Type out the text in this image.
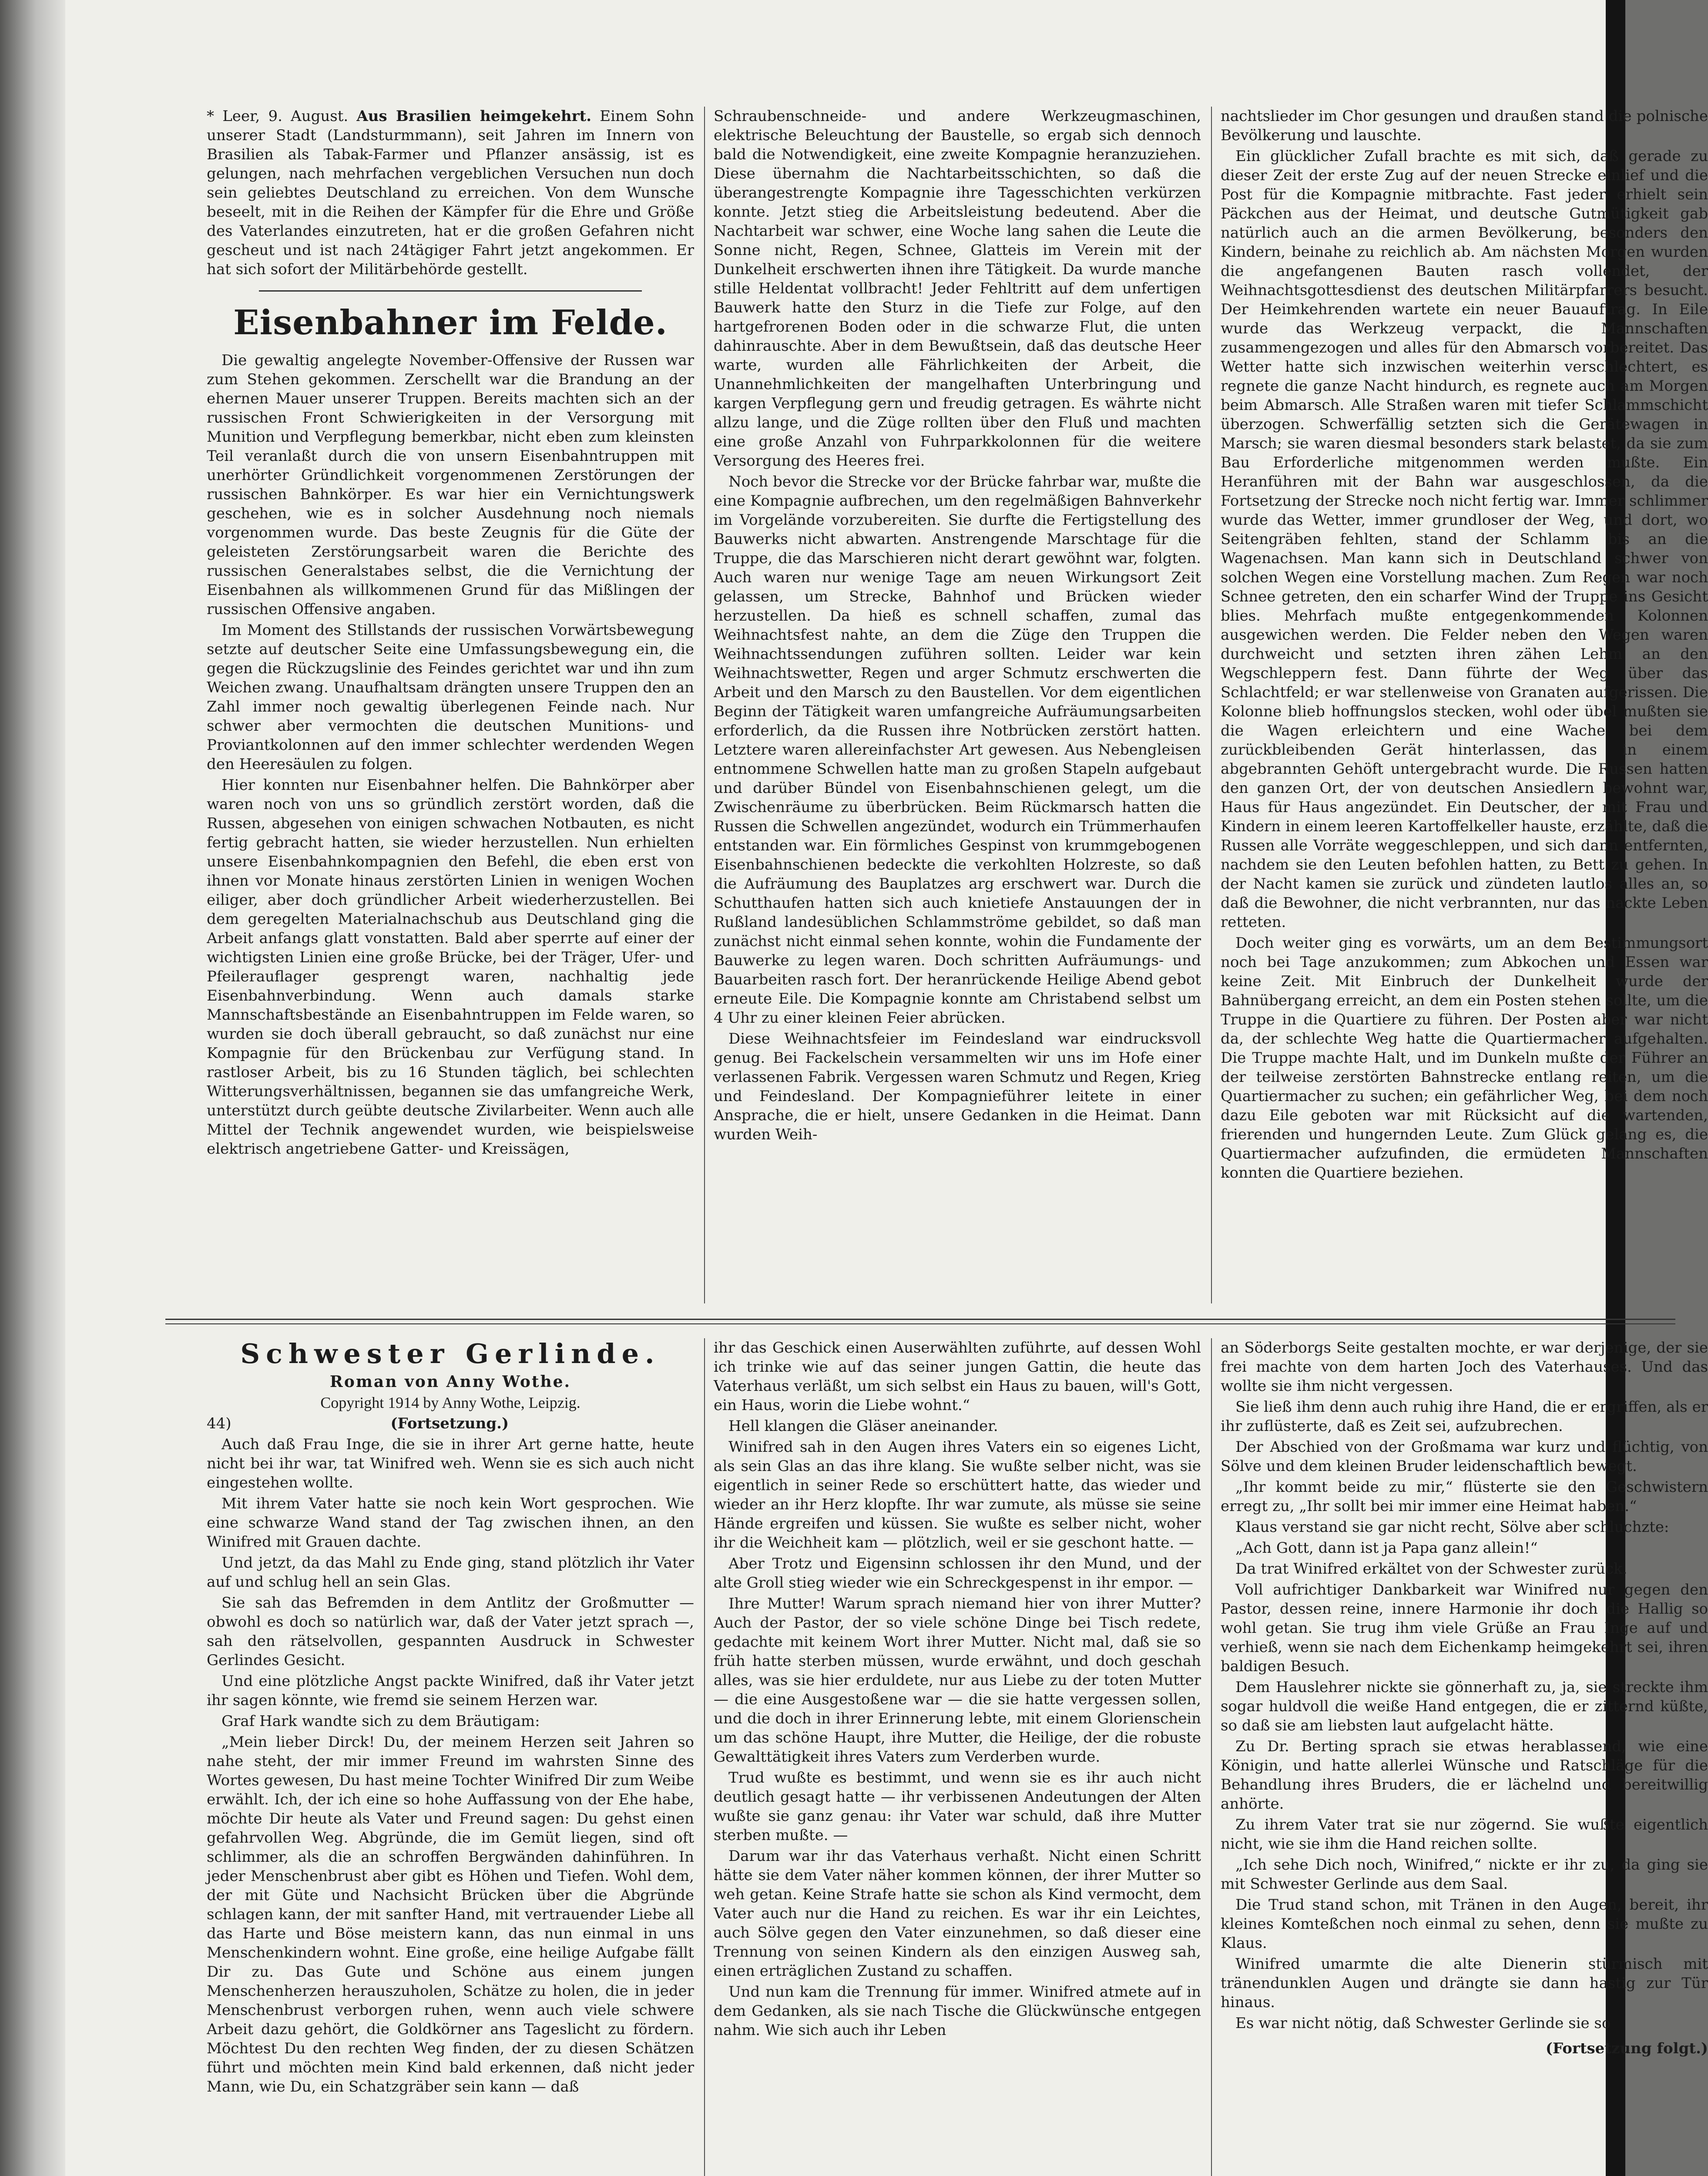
* Leer, 9. August. Aus Brasilien heimgekehrt. Einem Sohn unserer Stadt (Landsturmmann), seit Jahren im Innern von Brasilien als Tabak-Farmer und Pflanzer ansässig, ist es gelungen, nach mehrfachen vergeblichen Versuchen nun doch sein geliebtes Deutschland zu erreichen. Von dem Wunsche beseelt, mit in die Reihen der Kämpfer für die Ehre und Größe des Vaterlandes einzutreten, hat er die großen Gefahren nicht gescheut und ist nach 24tägiger Fahrt jetzt angekommen. Er hat sich sofort der Militärbehörde gestellt.

Eisenbahner im Felde.

Die gewaltig angelegte November-Offensive der Russen war zum Stehen gekommen. Zerschellt war die Brandung an der ehernen Mauer unserer Truppen. Bereits machten sich an der russischen Front Schwierigkeiten in der Versorgung mit Munition und Verpflegung bemerkbar, nicht eben zum kleinsten Teil veranlaßt durch die von unsern Eisenbahntruppen mit unerhörter Gründlichkeit vorgenommenen Zerstörungen der russischen Bahnkörper. Es war hier ein Vernichtungswerk geschehen, wie es in solcher Ausdehnung noch niemals vorgenommen wurde. Das beste Zeugnis für die Güte der geleisteten Zerstörungsarbeit waren die Berichte des russischen Generalstabes selbst, die die Vernichtung der Eisenbahnen als willkommenen Grund für das Mißlingen der russischen Offensive angaben.

Im Moment des Stillstands der russischen Vorwärtsbewegung setzte auf deutscher Seite eine Umfassungsbewegung ein, die gegen die Rückzugslinie des Feindes gerichtet war und ihn zum Weichen zwang. Unaufhaltsam drängten unsere Truppen den an Zahl immer noch gewaltig überlegenen Feinde nach. Nur schwer aber vermochten die deutschen Munitions- und Proviantkolonnen auf den immer schlechter werdenden Wegen den Heeresäulen zu folgen.

Hier konnten nur Eisenbahner helfen. Die Bahnkörper aber waren noch von uns so gründlich zerstört worden, daß die Russen, abgesehen von einigen schwachen Notbauten, es nicht fertig gebracht hatten, sie wieder herzustellen. Nun erhielten unsere Eisenbahnkompagnien den Befehl, die eben erst von ihnen vor Monate hinaus zerstörten Linien in wenigen Wochen eiliger, aber doch gründlicher Arbeit wiederherzustellen. Bei dem geregelten Materialnachschub aus Deutschland ging die Arbeit anfangs glatt vonstatten. Bald aber sperrte auf einer der wichtigsten Linien eine große Brücke, bei der Träger, Ufer- und Pfeilerauflager gesprengt waren, nachhaltig jede Eisenbahnverbindung. Wenn auch damals starke Mannschaftsbestände an Eisenbahntruppen im Felde waren, so wurden sie doch überall gebraucht, so daß zunächst nur eine Kompagnie für den Brückenbau zur Verfügung stand. In rastloser Arbeit, bis zu 16 Stunden täglich, bei schlechten Witterungsverhältnissen, begannen sie das umfangreiche Werk, unterstützt durch geübte deutsche Zivilarbeiter. Wenn auch alle Mittel der Technik angewendet wurden, wie beispielsweise elektrisch angetriebene Gatter- und Kreissägen,

Schraubenschneide- und andere Werkzeugmaschinen, elektrische Beleuchtung der Baustelle, so ergab sich dennoch bald die Notwendigkeit, eine zweite Kompagnie heranzuziehen. Diese übernahm die Nachtarbeitsschichten, so daß die überangestrengte Kompagnie ihre Tagesschichten verkürzen konnte. Jetzt stieg die Arbeitsleistung bedeutend. Aber die Nachtarbeit war schwer, eine Woche lang sahen die Leute die Sonne nicht, Regen, Schnee, Glatteis im Verein mit der Dunkelheit erschwerten ihnen ihre Tätigkeit. Da wurde manche stille Heldentat vollbracht! Jeder Fehltritt auf dem unfertigen Bauwerk hatte den Sturz in die Tiefe zur Folge, auf den hartgefrorenen Boden oder in die schwarze Flut, die unten dahinrauschte. Aber in dem Bewußtsein, daß das deutsche Heer warte, wurden alle Fährlichkeiten der Arbeit, die Unannehmlichkeiten der mangelhaften Unterbringung und kargen Verpflegung gern und freudig getragen. Es währte nicht allzu lange, und die Züge rollten über den Fluß und machten eine große Anzahl von Fuhrparkkolonnen für die weitere Versorgung des Heeres frei.

Noch bevor die Strecke vor der Brücke fahrbar war, mußte die eine Kompagnie aufbrechen, um den regelmäßigen Bahnverkehr im Vorgelände vorzubereiten. Sie durfte die Fertigstellung des Bauwerks nicht abwarten. Anstrengende Marschtage für die Truppe, die das Marschieren nicht derart gewöhnt war, folgten. Auch waren nur wenige Tage am neuen Wirkungsort Zeit gelassen, um Strecke, Bahnhof und Brücken wieder herzustellen. Da hieß es schnell schaffen, zumal das Weihnachtsfest nahte, an dem die Züge den Truppen die Weihnachtssendungen zuführen sollten. Leider war kein Weihnachtswetter, Regen und arger Schmutz erschwerten die Arbeit und den Marsch zu den Baustellen. Vor dem eigentlichen Beginn der Tätigkeit waren umfangreiche Aufräumungsarbeiten erforderlich, da die Russen ihre Notbrücken zerstört hatten. Letztere waren allereinfachster Art gewesen. Aus Nebengleisen entnommene Schwellen hatte man zu großen Stapeln aufgebaut und darüber Bündel von Eisenbahnschienen gelegt, um die Zwischenräume zu überbrücken. Beim Rückmarsch hatten die Russen die Schwellen angezündet, wodurch ein Trümmerhaufen entstanden war. Ein förmliches Gespinst von krummgebogenen Eisenbahnschienen bedeckte die verkohlten Holzreste, so daß die Aufräumung des Bauplatzes arg erschwert war. Durch die Schutthaufen hatten sich auch knietiefe Anstauungen der in Rußland landesüblichen Schlammströme gebildet, so daß man zunächst nicht einmal sehen konnte, wohin die Fundamente der Bauwerke zu legen waren. Doch schritten Aufräumungs- und Bauarbeiten rasch fort. Der heranrückende Heilige Abend gebot erneute Eile. Die Kompagnie konnte am Christabend selbst um 4 Uhr zu einer kleinen Feier abrücken.

Diese Weihnachtsfeier im Feindesland war eindrucksvoll genug. Bei Fackelschein versammelten wir uns im Hofe einer verlassenen Fabrik. Vergessen waren Schmutz und Regen, Krieg und Feindesland. Der Kompagnieführer leitete in einer Ansprache, die er hielt, unsere Gedanken in die Heimat. Dann wurden Weih-

nachtslieder im Chor gesungen und draußen stand die polnische Bevölkerung und lauschte.

Ein glücklicher Zufall brachte es mit sich, daß gerade zu dieser Zeit der erste Zug auf der neuen Strecke einlief und die Post für die Kompagnie mitbrachte. Fast jeder erhielt sein Päckchen aus der Heimat, und deutsche Gutmütigkeit gab natürlich auch an die armen Bevölkerung, besonders den Kindern, beinahe zu reichlich ab. Am nächsten Morgen wurden die angefangenen Bauten rasch vollendet, der Weihnachtsgottesdienst des deutschen Militärpfarrers besucht. Der Heimkehrenden wartete ein neuer Bauauftrag. In Eile wurde das Werkzeug verpackt, die Mannschaften zusammengezogen und alles für den Abmarsch vorbereitet. Das Wetter hatte sich inzwischen weiterhin verschlechtert, es regnete die ganze Nacht hindurch, es regnete auch am Morgen beim Abmarsch. Alle Straßen waren mit tiefer Schlammschicht überzogen. Schwerfällig setzten sich die Gerätewagen in Marsch; sie waren diesmal besonders stark belastet, da sie zum Bau Erforderliche mitgenommen werden mußte. Ein Heranführen mit der Bahn war ausgeschlossen, da die Fortsetzung der Strecke noch nicht fertig war. Immer schlimmer wurde das Wetter, immer grundloser der Weg, und dort, wo Seitengräben fehlten, stand der Schlamm bis an die Wagenachsen. Man kann sich in Deutschland schwer von solchen Wegen eine Vorstellung machen. Zum Regen war noch Schnee getreten, den ein scharfer Wind der Truppe ins Gesicht blies. Mehrfach mußte entgegenkommenden Kolonnen ausgewichen werden. Die Felder neben den Wegen waren durchweicht und setzten ihren zähen Lehm an den Wegschleppern fest. Dann führte der Weg über das Schlachtfeld; er war stellenweise von Granaten aufgerissen. Die Kolonne blieb hoffnungslos stecken, wohl oder übel mußten sie die Wagen erleichtern und eine Wache bei dem zurückbleibenden Gerät hinterlassen, das in einem abgebrannten Gehöft untergebracht wurde. Die Russen hatten den ganzen Ort, der von deutschen Ansiedlern bewohnt war, Haus für Haus angezündet. Ein Deutscher, der mit Frau und Kindern in einem leeren Kartoffelkeller hauste, erzählte, daß die Russen alle Vorräte weggeschleppen, und sich dann entfernten, nachdem sie den Leuten befohlen hatten, zu Bett zu gehen. In der Nacht kamen sie zurück und zündeten lautlos alles an, so daß die Bewohner, die nicht verbrannten, nur das nackte Leben retteten.

Doch weiter ging es vorwärts, um an dem Bestimmungsort noch bei Tage anzukommen; zum Abkochen und Essen war keine Zeit. Mit Einbruch der Dunkelheit wurde der Bahnübergang erreicht, an dem ein Posten stehen sollte, um die Truppe in die Quartiere zu führen. Der Posten aber war nicht da, der schlechte Weg hatte die Quartiermacher aufgehalten. Die Truppe machte Halt, und im Dunkeln mußte der Führer an der teilweise zerstörten Bahnstrecke entlang reiten, um die Quartiermacher zu suchen; ein gefährlicher Weg, bei dem noch dazu Eile geboten war mit Rücksicht auf die wartenden, frierenden und hungernden Leute. Zum Glück gelang es, die Quartiermacher aufzufinden, die ermüdeten Mannschaften konnten die Quartiere beziehen.

Schwester Gerlinde.

Roman von Anny Wothe.

Copyright 1914 by Anny Wothe, Leipzig.

44)	(Fortsetzung.)

Auch daß Frau Inge, die sie in ihrer Art gerne hatte, heute nicht bei ihr war, tat Winifred weh. Wenn sie es sich auch nicht eingestehen wollte.

Mit ihrem Vater hatte sie noch kein Wort gesprochen. Wie eine schwarze Wand stand der Tag zwischen ihnen, an den Winifred mit Grauen dachte.

Und jetzt, da das Mahl zu Ende ging, stand plötzlich ihr Vater auf und schlug hell an sein Glas.

Sie sah das Befremden in dem Antlitz der Großmutter — obwohl es doch so natürlich war, daß der Vater jetzt sprach —, sah den rätselvollen, gespannten Ausdruck in Schwester Gerlindes Gesicht.

Und eine plötzliche Angst packte Winifred, daß ihr Vater jetzt ihr sagen könnte, wie fremd sie seinem Herzen war.

Graf Hark wandte sich zu dem Bräutigam:

„Mein lieber Dirck! Du, der meinem Herzen seit Jahren so nahe steht, der mir immer Freund im wahrsten Sinne des Wortes gewesen, Du hast meine Tochter Winifred Dir zum Weibe erwählt. Ich, der ich eine so hohe Auffassung von der Ehe habe, möchte Dir heute als Vater und Freund sagen: Du gehst einen gefahrvollen Weg. Abgründe, die im Gemüt liegen, sind oft schlimmer, als die an schroffen Bergwänden dahinführen. In jeder Menschenbrust aber gibt es Höhen und Tiefen. Wohl dem, der mit Güte und Nachsicht Brücken über die Abgründe schlagen kann, der mit sanfter Hand, mit vertrauender Liebe all das Harte und Böse meistern kann, das nun einmal in uns Menschenkindern wohnt. Eine große, eine heilige Aufgabe fällt Dir zu. Das Gute und Schöne aus einem jungen Menschenherzen herauszuholen, Schätze zu holen, die in jeder Menschenbrust verborgen ruhen, wenn auch viele schwere Arbeit dazu gehört, die Goldkörner ans Tageslicht zu fördern. Möchtest Du den rechten Weg finden, der zu diesen Schätzen führt und möchten mein Kind bald erkennen, daß nicht jeder Mann, wie Du, ein Schatzgräber sein kann — daß

ihr das Geschick einen Auserwählten zuführte, auf dessen Wohl ich trinke wie auf das seiner jungen Gattin, die heute das Vaterhaus verläßt, um sich selbst ein Haus zu bauen, will's Gott, ein Haus, worin die Liebe wohnt.“

Hell klangen die Gläser aneinander.

Winifred sah in den Augen ihres Vaters ein so eigenes Licht, als sein Glas an das ihre klang. Sie wußte selber nicht, was sie eigentlich in seiner Rede so erschüttert hatte, das wieder und wieder an ihr Herz klopfte. Ihr war zumute, als müsse sie seine Hände ergreifen und küssen. Sie wußte es selber nicht, woher ihr die Weichheit kam — plötzlich, weil er sie geschont hatte. —

Aber Trotz und Eigensinn schlossen ihr den Mund, und der alte Groll stieg wieder wie ein Schreckgespenst in ihr empor. —

Ihre Mutter! Warum sprach niemand hier von ihrer Mutter? Auch der Pastor, der so viele schöne Dinge bei Tisch redete, gedachte mit keinem Wort ihrer Mutter. Nicht mal, daß sie so früh hatte sterben müssen, wurde erwähnt, und doch geschah alles, was sie hier erduldete, nur aus Liebe zu der toten Mutter — die eine Ausgestoßene war — die sie hatte vergessen sollen, und die doch in ihrer Erinnerung lebte, mit einem Glorienschein um das schöne Haupt, ihre Mutter, die Heilige, der die robuste Gewalttätigkeit ihres Vaters zum Verderben wurde.

Trud wußte es bestimmt, und wenn sie es ihr auch nicht deutlich gesagt hatte — ihr verbissenen Andeutungen der Alten wußte sie ganz genau: ihr Vater war schuld, daß ihre Mutter sterben mußte. —

Darum war ihr das Vaterhaus verhaßt. Nicht einen Schritt hätte sie dem Vater näher kommen können, der ihrer Mutter so weh getan. Keine Strafe hatte sie schon als Kind vermocht, dem Vater auch nur die Hand zu reichen. Es war ihr ein Leichtes, auch Sölve gegen den Vater einzunehmen, so daß dieser eine Trennung von seinen Kindern als den einzigen Ausweg sah, einen erträglichen Zustand zu schaffen.

Und nun kam die Trennung für immer. Winifred atmete auf in dem Gedanken, als sie nach Tische die Glückwünsche entgegen nahm. Wie sich auch ihr Leben

an Söderborgs Seite gestalten mochte, er war derjenige, der sie frei machte von dem harten Joch des Vaterhauses. Und das wollte sie ihm nicht vergessen.

Sie ließ ihm denn auch ruhig ihre Hand, die er ergriffen, als er ihr zuflüsterte, daß es Zeit sei, aufzubrechen.

Der Abschied von der Großmama war kurz und flüchtig, von Sölve und dem kleinen Bruder leidenschaftlich bewegt.

„Ihr kommt beide zu mir,“ flüsterte sie den Geschwistern erregt zu, „Ihr sollt bei mir immer eine Heimat haben.“

Klaus verstand sie gar nicht recht, Sölve aber schluchzte:

„Ach Gott, dann ist ja Papa ganz allein!“

Da trat Winifred erkältet von der Schwester zurück.

Voll aufrichtiger Dankbarkeit war Winifred nur gegen den Pastor, dessen reine, innere Harmonie ihr doch die Hallig so wohl getan. Sie trug ihm viele Grüße an Frau Inge auf und verhieß, wenn sie nach dem Eichenkamp heimgekehrt sei, ihren baldigen Besuch.

Dem Hauslehrer nickte sie gönnerhaft zu, ja, sie streckte ihm sogar huldvoll die weiße Hand entgegen, die er zitternd küßte, so daß sie am liebsten laut aufgelacht hätte.

Zu Dr. Berting sprach sie etwas herablassend, wie eine Königin, und hatte allerlei Wünsche und Ratschläge für die Behandlung ihres Bruders, die er lächelnd und bereitwillig anhörte.

Zu ihrem Vater trat sie nur zögernd. Sie wußte eigentlich nicht, wie sie ihm die Hand reichen sollte.

„Ich sehe Dich noch, Winifred,“ nickte er ihr zu, da ging sie mit Schwester Gerlinde aus dem Saal.

Die Trud stand schon, mit Tränen in den Augen, bereit, ihr kleines Komteßchen noch einmal zu sehen, denn sie mußte zu Klaus.

Winifred umarmte die alte Dienerin stürmisch mit tränendunklen Augen und drängte sie dann hastig zur Tür hinaus.

Es war nicht nötig, daß Schwester Gerlinde sie so

(Fortsetzung folgt.)
